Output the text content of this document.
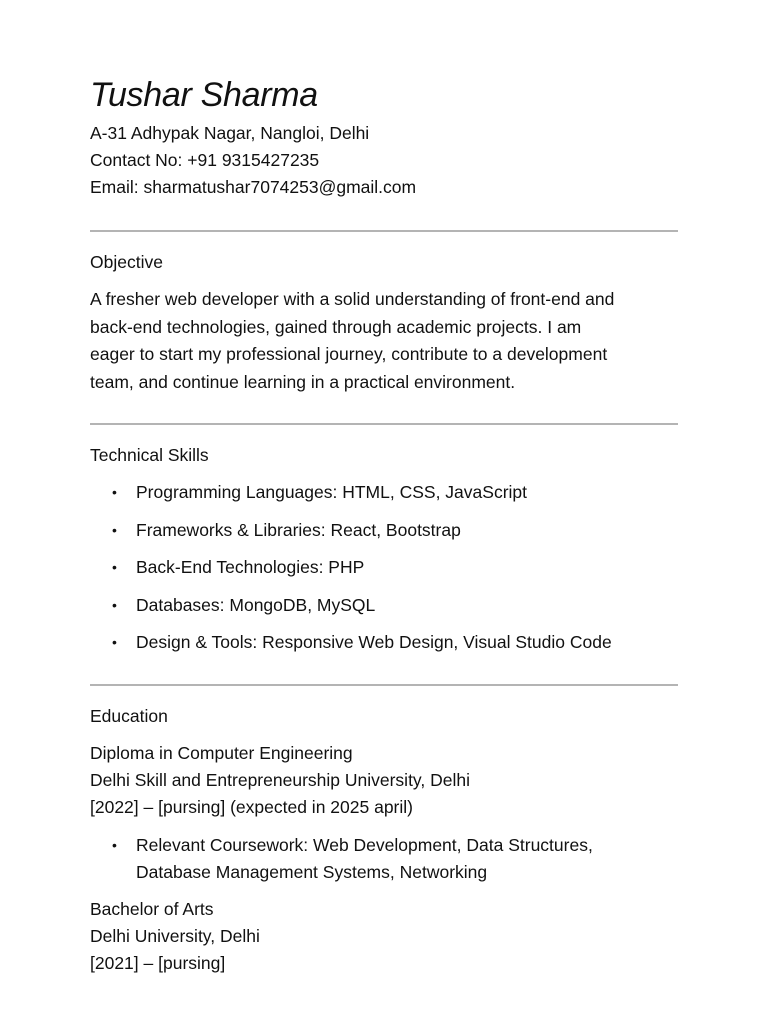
Tushar Sharma

A-31 Adhypak Nagar, Nangloi, Delhi

Contact No: +91 9315427235

Email: sharmatushar7074253@gmail.com

Objective

A fresher web developer with a solid understanding of front-end and

back-end technologies, gained through academic projects. I am

eager to start my professional journey, contribute to a development

team, and continue learning in a practical environment.

Technical Skills

• Programming Languages: HTML, CSS, JavaScript
• Frameworks & Libraries: React, Bootstrap
• Back-End Technologies: PHP
• Databases: MongoDB, MySQL
• Design & Tools: Responsive Web Design, Visual Studio Code

Education

Diploma in Computer Engineering

Delhi Skill and Entrepreneurship University, Delhi

[2022] – [pursing] (expected in 2025 april)

• Relevant Coursework: Web Development, Data Structures,
Database Management Systems, Networking

Bachelor of Arts

Delhi University, Delhi

[2021] – [pursing]
